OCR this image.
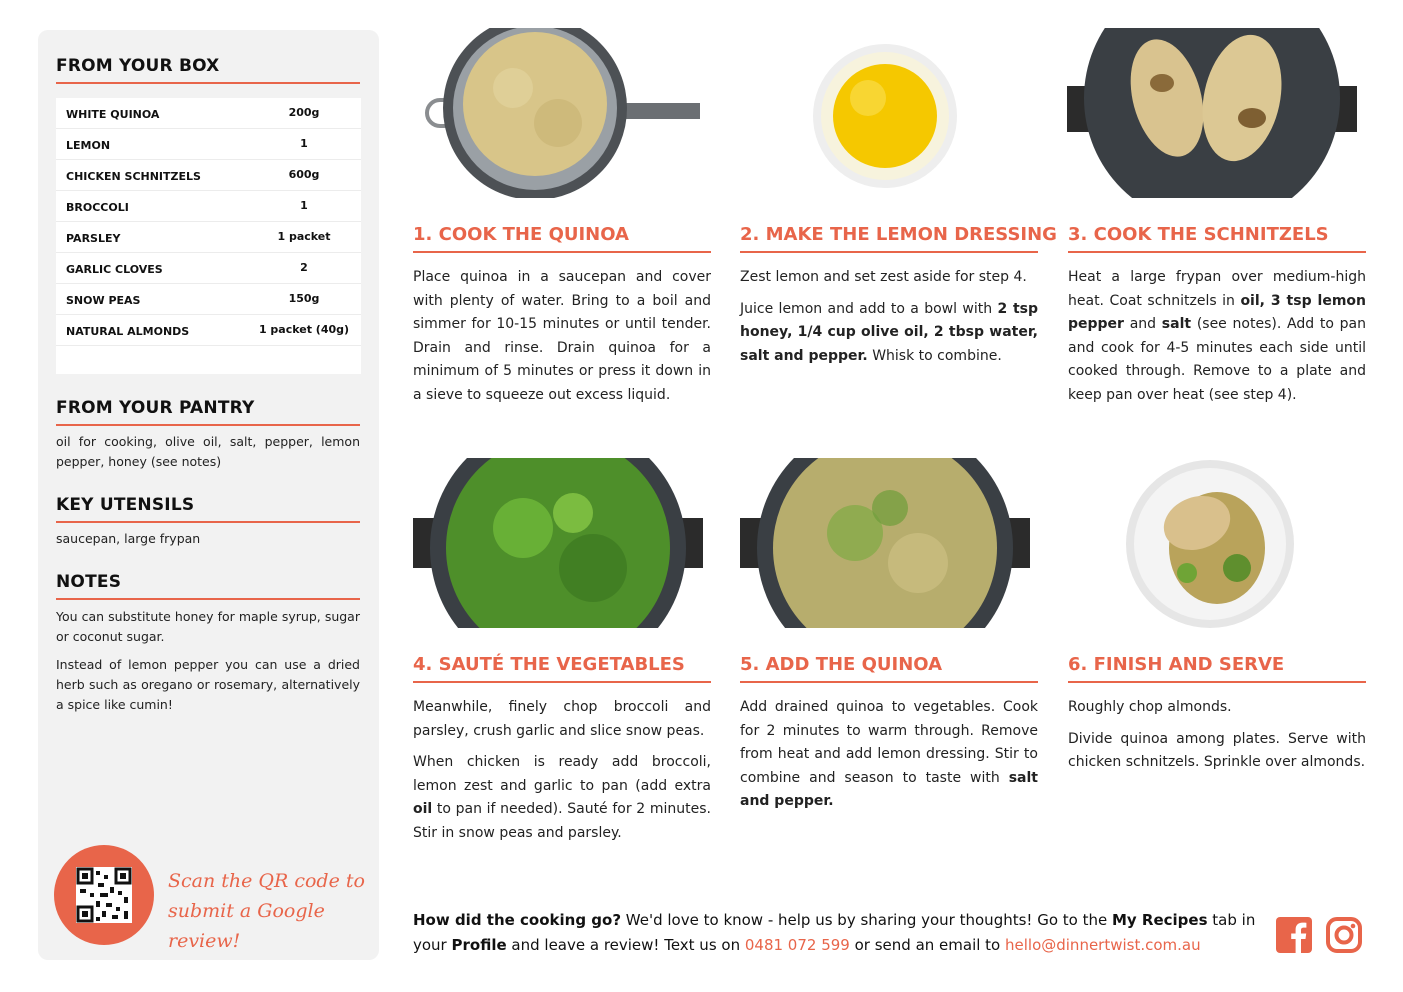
FROM YOUR BOX
WHITE QUINOA	200g
LEMON	1
CHICKEN SCHNITZELS	600g
BROCCOLI	1
PARSLEY	1 packet
GARLIC CLOVES	2
SNOW PEAS	150g
NATURAL ALMONDS	1 packet (40g)
FROM YOUR PANTRY
oil for cooking, olive oil, salt, pepper, lemon pepper, honey (see notes)
KEY UTENSILS
saucepan, large frypan
NOTES

You can substitute honey for maple syrup, sugar or coconut sugar.

Instead of lemon pepper you can use a dried herb such as oregano or rosemary, alternatively a spice like cumin!

Scan the QR code to
submit a Google review!
1. COOK THE QUINOA

Place quinoa in a saucepan and cover with plenty of water. Bring to a boil and simmer for 10-15 minutes or until tender. Drain and rinse. Drain quinoa for a minimum of 5 minutes or press it down in a sieve to squeeze out excess liquid.

2. MAKE THE LEMON DRESSING

Zest lemon and set zest aside for step 4.

Juice lemon and add to a bowl with 2 tsp honey, 1/4 cup olive oil, 2 tbsp water, salt and pepper. Whisk to combine.

3. COOK THE SCHNITZELS

Heat a large frypan over medium-high heat. Coat schnitzels in oil, 3 tsp lemon pepper and salt (see notes). Add to pan and cook for 4-5 minutes each side until cooked through. Remove to a plate and keep pan over heat (see step 4).

4. SAUTÉ THE VEGETABLES

Meanwhile, finely chop broccoli and parsley, crush garlic and slice snow peas.

When chicken is ready add broccoli, lemon zest and garlic to pan (add extra oil to pan if needed). Sauté for 2 minutes. Stir in snow peas and parsley.

5. ADD THE QUINOA

Add drained quinoa to vegetables. Cook for 2 minutes to warm through. Remove from heat and add lemon dressing. Stir to combine and season to taste with salt and pepper.

6. FINISH AND SERVE

Roughly chop almonds.

Divide quinoa among plates. Serve with chicken schnitzels. Sprinkle over almonds.

How did the cooking go? We'd love to know - help us by sharing your thoughts! Go to the My Recipes tab in your Profile and leave a review! Text us on 0481 072 599 or send an email to hello@dinnertwist.com.au
